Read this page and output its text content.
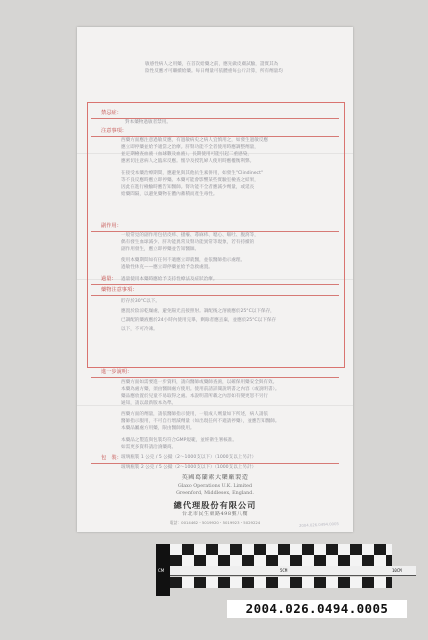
敏感性病人之用藥，在首次給藥之前，應先做皮膚試驗，證實其為
陰性反應才可繼續給藥。每日劑量可依體重每公斤計算，所有劑量均
禁忌症：
對本藥物過敏者禁用。
注意事項：
西藥方面應注意過敏反應，有過敏病史之病人宜慎用之，如發生過敏反應
應立即停藥並給予適當之治療。肝腎功能不全者使用時應調整劑量，
並定期檢查血液（血球數及血液）。長期使用可能引起二重感染，
應密切注意病人之臨床反應。懷孕及授乳婦人使用時應權衡利弊。
在接受本藥治療期間，應避免與其他抗生素併用，如發生"Clindinect"
等不良反應時應立即停藥。本藥可能會影響某些實驗室檢查之結果，
因此在進行檢驗時應告知醫師。腎功能不全者應減少劑量，或延長
給藥間隔，以避免藥物在體內蓄積而產生毒性。
副作用：
一般常見的副作用包括皮疹、搔癢、蕁麻疹、噁心、嘔吐、腹瀉等，
偶有發生血球減少、肝功能異常及腎功能異常等現象，若有持續的
副作用發生，應立即停藥並告知醫師。
使用本藥期間如有任何不適應立即就醫，並依醫師指示處理。
過敏性休克——應立即停藥並給予急救處置。
過量： 過量使用本藥時應給予支持性療法及症狀治療。
藥物注意事項：
貯存於30°C以下。
應置於陰涼乾燥處，避免陽光直接照射。調配後之溶液應於25°C以下保存，
已調配的藥液應於24小時內使用完畢，剩餘者應丟棄，並應於25°C以下保存
以下，不可冷凍。
進一步說明：
西藥方面如需要進一步資料，請向醫師或藥師查詢，以確保用藥安全與有效。
本藥為處方藥，須由醫師處方使用。使用前請詳閱說明書之內容（或說明書）。
藥品應放置於兒童不易取得之處。本說明書所載之內容如有變更恕不另行
通知，請以最新版本為準。
西藥方面的劑量，請依醫師指示使用，一般成人劑量如下所述，病人請依
醫師指示服用，不可自行增減劑量（如出現任何不適請停藥），並應告知醫師。
本藥品屬處方用藥，限由醫師使用。
本藥品之製造與包裝均符合GMP規範，並經衛生署核准。
如需更多資料請洽詢藥商。
包　裝： 玻璃瓶裝 1 公克 / 5 公撮（2～1000支以下）（1000支以上另計）
玻璃瓶裝 2 公克 / 5 公撮（2～1000支以下）（1000支以上另計）
英國葛蘭素大藥廠製造
Glaxo Operations U.K. Limited
Greenford, Middlesex, England.
總代理股份有限公司
台北市民生東路498號八樓
電話：0014462・5019920・5019923・5029224	2004.026.0494.0005
CM	5CM	10CM
2004.026.0494.0005
